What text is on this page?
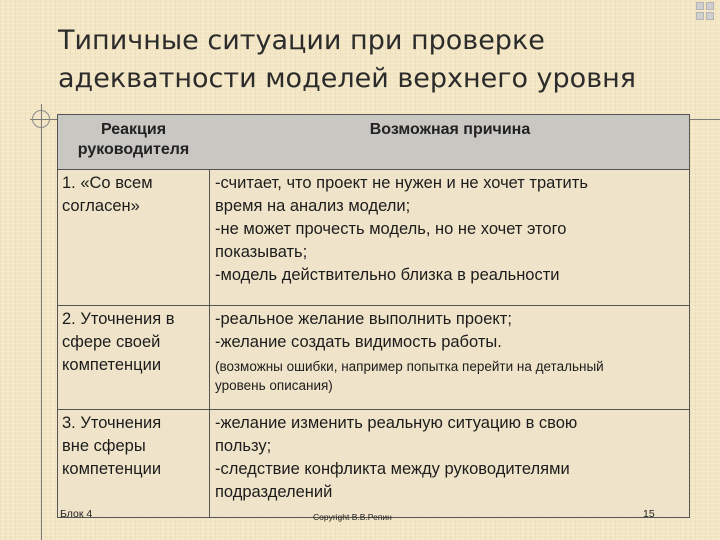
Типичные ситуации при проверке
адекватности моделей верхнего уровня
Реакция
руководителя
Возможная причина
1. «Со всем
согласен»
-считает, что проект не нужен и не хочет тратить
время на анализ модели;
-не может прочесть модель, но не хочет этого
показывать;
-модель действительно близка в реальности
2. Уточнения в
сфере своей
компетенции
-реальное желание выполнить проект;
-желание создать видимость работы.
(возможны ошибки, например попытка перейти на детальный
уровень описания)
3. Уточнения
вне сферы
компетенции
-желание изменить реальную ситуацию в свою
пользу;
-следствие конфликта между руководителями
подразделений
Блок 4	Copyright В.В.Репин	15
